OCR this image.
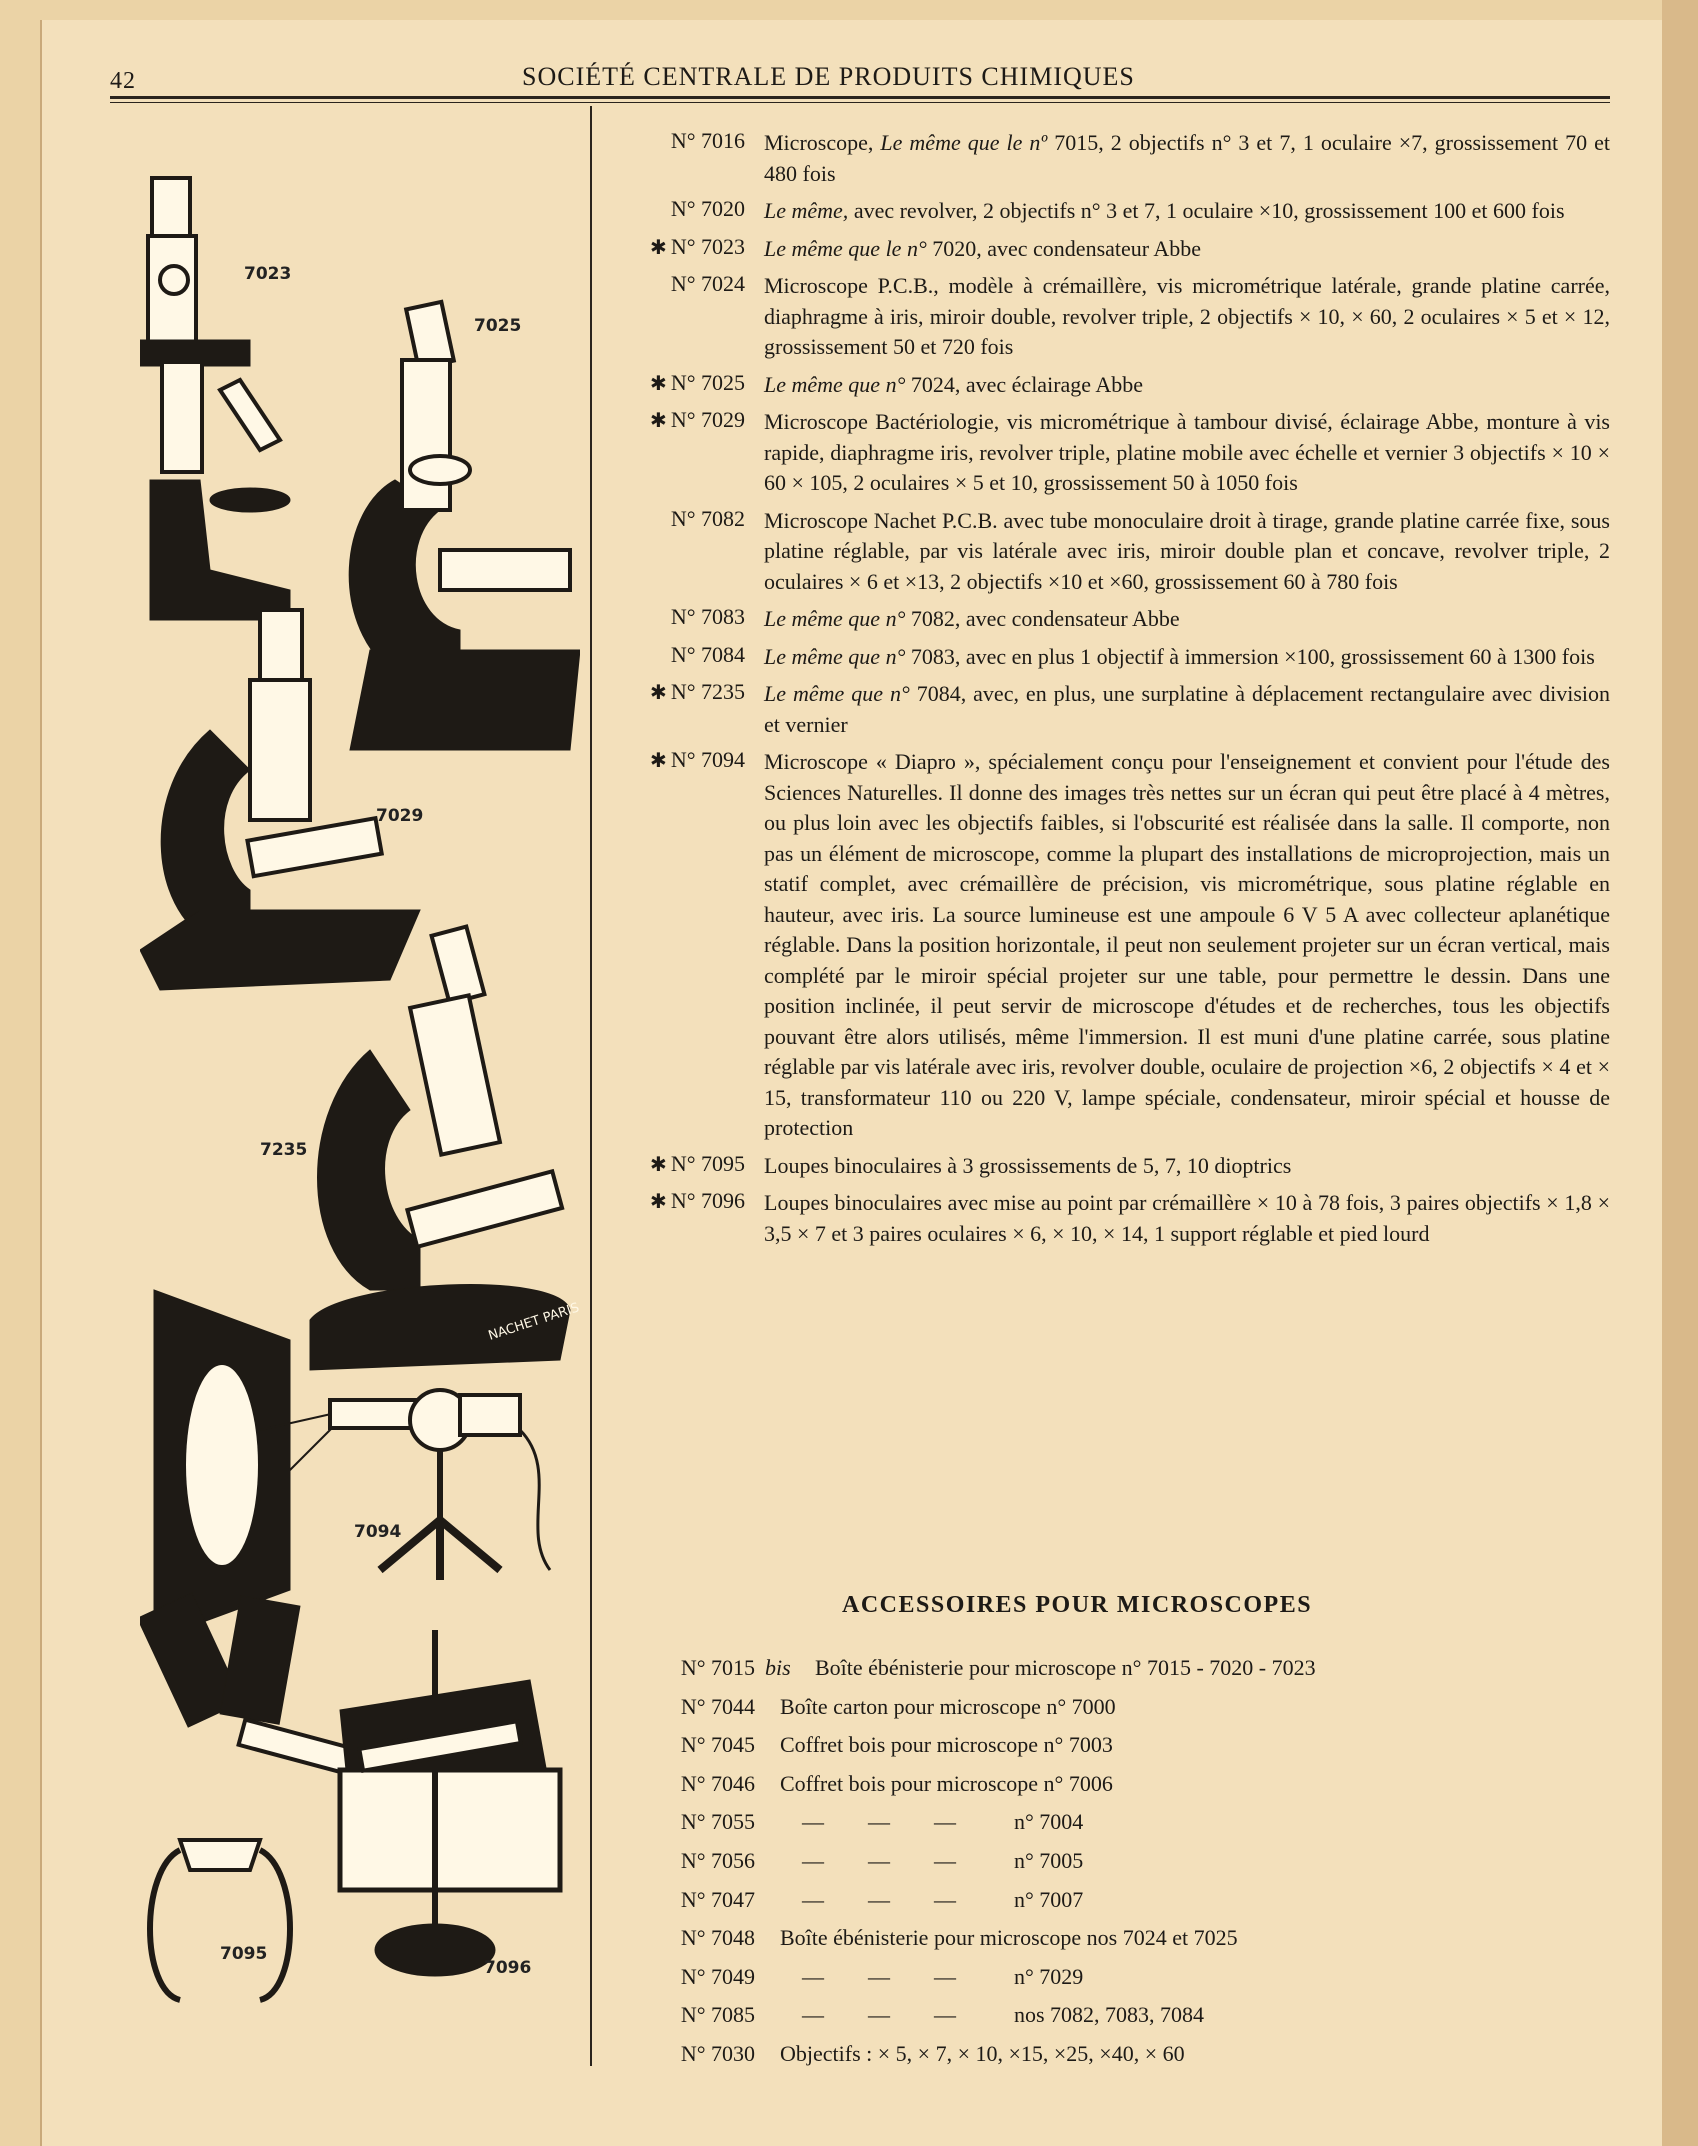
42	SOCIÉTÉ CENTRALE DE PRODUITS CHIMIQUES
NACHET PARIS
7023
7025
7029
7235
7094
7095
7096
N° 7016 Microscope, Le même que le nº 7015, 2 objectifs n° 3 et 7, 1 oculaire ×7, grossissement 70 et 480 fois
N° 7020 Le même, avec revolver, 2 objectifs n° 3 et 7, 1 oculaire ×10, grossissement 100 et 600 fois
✱ N° 7023 Le même que le n° 7020, avec condensateur Abbe
N° 7024 Microscope P.C.B., modèle à crémaillère, vis micrométrique latérale, grande platine carrée, diaphragme à iris, miroir double, revolver triple, 2 objectifs × 10, × 60, 2 oculaires × 5 et × 12, grossissement 50 et 720 fois
✱ N° 7025 Le même que n° 7024, avec éclairage Abbe
✱ N° 7029 Microscope Bactériologie, vis micrométrique à tambour divisé, éclairage Abbe, monture à vis rapide, diaphragme iris, revolver triple, platine mobile avec échelle et vernier 3 objectifs × 10 × 60 × 105, 2 oculaires × 5 et 10, grossissement 50 à 1050 fois
N° 7082 Microscope Nachet P.C.B. avec tube monoculaire droit à tirage, grande platine carrée fixe, sous platine réglable, par vis latérale avec iris, miroir double plan et concave, revolver triple, 2 oculaires × 6 et ×13, 2 objectifs ×10 et ×60, grossissement 60 à 780 fois
N° 7083 Le même que n° 7082, avec condensateur Abbe
N° 7084 Le même que n° 7083, avec en plus 1 objectif à immersion ×100, grossissement 60 à 1300 fois
✱ N° 7235 Le même que n° 7084, avec, en plus, une surplatine à déplacement rectangulaire avec division et vernier
✱ N° 7094 Microscope « Diapro », spécialement conçu pour l'enseignement et convient pour l'étude des Sciences Naturelles. Il donne des images très nettes sur un écran qui peut être placé à 4 mètres, ou plus loin avec les objectifs faibles, si l'obscurité est réalisée dans la salle. Il comporte, non pas un élément de microscope, comme la plupart des installations de microprojection, mais un statif complet, avec crémaillère de précision, vis micrométrique, sous platine réglable en hauteur, avec iris. La source lumineuse est une ampoule 6 V 5 A avec collecteur aplanétique réglable. Dans la position horizontale, il peut non seulement projeter sur un écran vertical, mais complété par le miroir spécial projeter sur une table, pour permettre le dessin. Dans une position inclinée, il peut servir de microscope d'études et de recherches, tous les objectifs pouvant être alors utilisés, même l'immersion. Il est muni d'une platine carrée, sous platine réglable par vis latérale avec iris, revolver double, oculaire de projection ×6, 2 objectifs × 4 et × 15, transformateur 110 ou 220 V, lampe spéciale, condensateur, miroir spécial et housse de protection
✱ N° 7095 Loupes binoculaires à 3 grossissements de 5, 7, 10 dioptrics
✱ N° 7096 Loupes binoculaires avec mise au point par crémaillère × 10 à 78 fois, 3 paires objectifs × 1,8 × 3,5 × 7 et 3 paires oculaires × 6, × 10, × 14, 1 support réglable et pied lourd
ACCESSOIRES POUR MICROSCOPES
N° 7015 bis Boîte ébénisterie pour microscope n° 7015 - 7020 - 7023
N° 7044 Boîte carton pour microscope n° 7000
N° 7045 Coffret bois pour microscope n° 7003
N° 7046 Coffret bois pour microscope n° 7006
N° 7055	— — —	n° 7004
N° 7056	— — —	n° 7005
N° 7047	— — —	n° 7007
N° 7048 Boîte ébénisterie pour microscope nos 7024 et 7025
N° 7049	— — —	n° 7029
N° 7085	— — —	nos 7082, 7083, 7084
N° 7030 Objectifs : × 5, × 7, × 10, ×15, ×25, ×40, × 60
